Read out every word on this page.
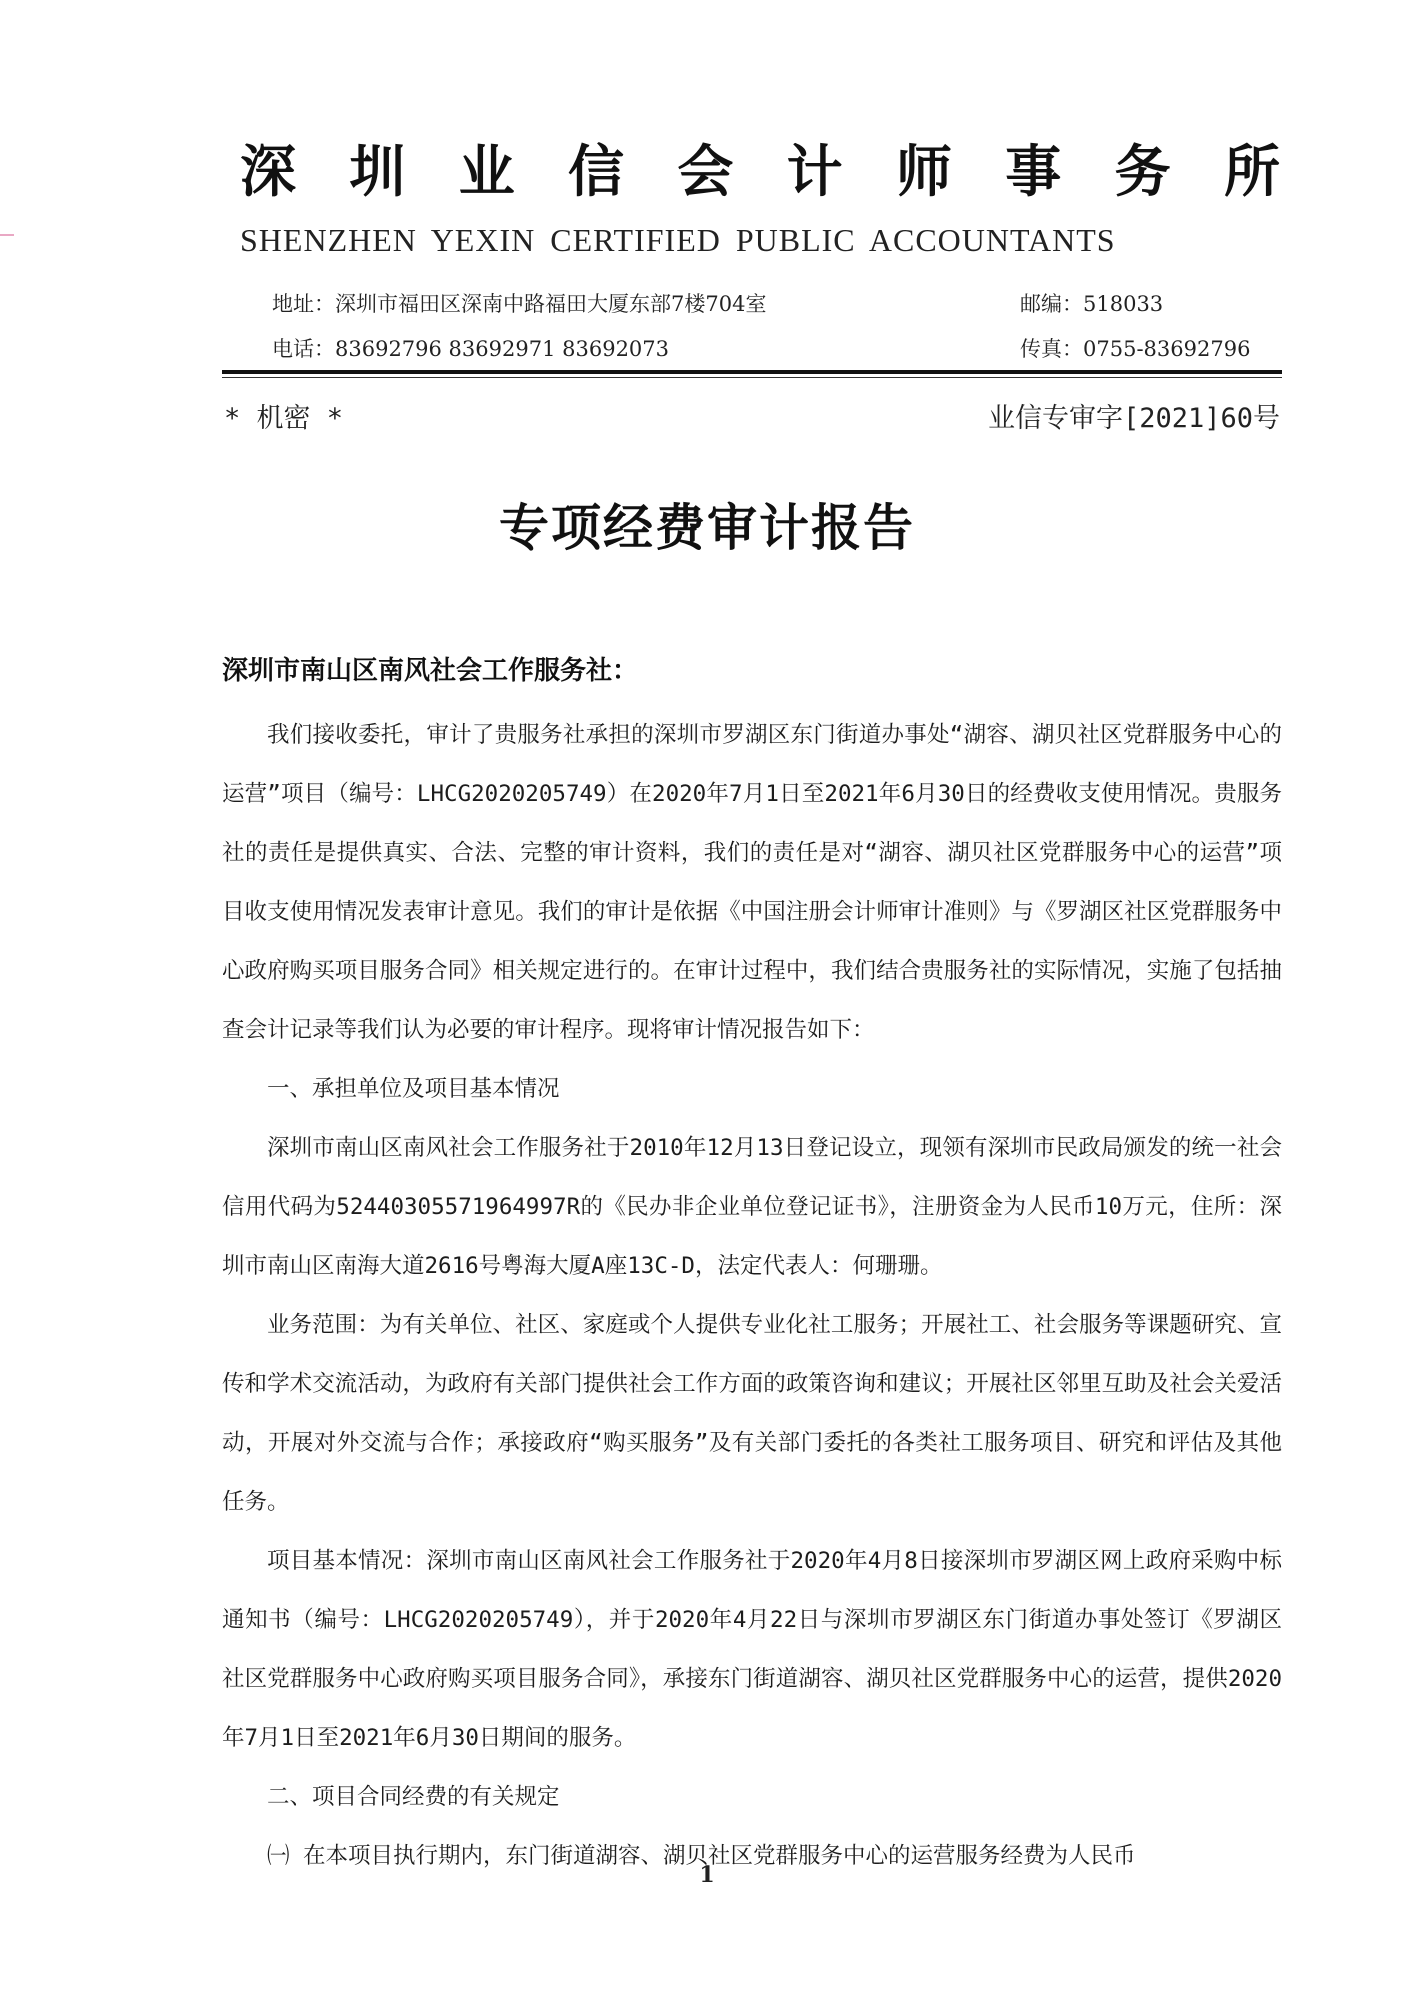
深 圳 业 信 会 计 师 事 务 所
SHENZHEN YEXIN CERTIFIED PUBLIC ACCOUNTANTS
地址：深圳市福田区深南中路福田大厦东部7楼704室	邮编：518033
电话：83692796 83692971 83692073	传真：0755-83692796
* 机密 *	业信专审字[2021]60号
专项经费审计报告
深圳市南山区南风社会工作服务社：

我们接收委托，审计了贵服务社承担的深圳市罗湖区东门街道办事处“湖容、湖贝社区党群服务中心的运营”项目（编号：LHCG2020205749）在2020年7月1日至2021年6月30日的经费收支使用情况。贵服务社的责任是提供真实、合法、完整的审计资料，我们的责任是对“湖容、湖贝社区党群服务中心的运营”项目收支使用情况发表审计意见。我们的审计是依据《中国注册会计师审计准则》与《罗湖区社区党群服务中心政府购买项目服务合同》相关规定进行的。在审计过程中，我们结合贵服务社的实际情况，实施了包括抽查会计记录等我们认为必要的审计程序。现将审计情况报告如下：

一、承担单位及项目基本情况

深圳市南山区南风社会工作服务社于2010年12月13日登记设立，现领有深圳市民政局颁发的统一社会信用代码为52440305571964997R的《民办非企业单位登记证书》，注册资金为人民币10万元，住所：深圳市南山区南海大道2616号粤海大厦A座13C-D，法定代表人：何珊珊。

业务范围：为有关单位、社区、家庭或个人提供专业化社工服务；开展社工、社会服务等课题研究、宣传和学术交流活动，为政府有关部门提供社会工作方面的政策咨询和建议；开展社区邻里互助及社会关爱活动，开展对外交流与合作；承接政府“购买服务”及有关部门委托的各类社工服务项目、研究和评估及其他任务。

项目基本情况：深圳市南山区南风社会工作服务社于2020年4月8日接深圳市罗湖区网上政府采购中标通知书（编号：LHCG2020205749），并于2020年4月22日与深圳市罗湖区东门街道办事处签订《罗湖区社区党群服务中心政府购买项目服务合同》，承接东门街道湖容、湖贝社区党群服务中心的运营，提供2020年7月1日至2021年6月30日期间的服务。

二、项目合同经费的有关规定

㈠ 在本项目执行期内，东门街道湖容、湖贝社区党群服务中心的运营服务经费为人民币

1
